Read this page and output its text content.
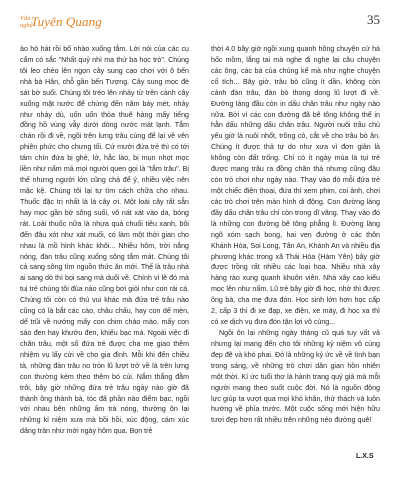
Văn
nghệ
Tuyên Quang	35

ào hò hát rồi bổ nhào xuống tắm. Lời nói của các cụ cẩm có sắc "Nhất quỷ nhì ma thứ ba học trò". Chúng tôi leo chéo lên ngọn cây sung cạo chơi với ô bến nhà bà Hân, chỗ gần bến Tượng. Cây sung mọc đè sát bờ suối. Chúng tôi trèo lên nhảy từ trên cành cây xuống mặt nước để chứng đến năm bảy mét, nhảy như nhảy dù, uốn uốn thỏa thuê hàng mấy tiếng đồng hồ vùng vẫy dưới dòng nước mát lạnh. Tắm chán rồi đi về, ngồi trên lưng trâu cùng để lại về vên phiên phức cho chưng tối. Cứ mười đứa trẻ thì có tới tám chín đứa bị ghẻ, lở, hắc lào, bị mụn nhọt mọc liền như nấm mả mọi người quen gọi là "tắm trâu". Bị thế nhưng người lớn cũng chả để ý, nhiều việc nên mặc kệ. Chúng tôi lại tự tìm cách chữa cho nhau. Thuốc đặc trị nhất là lá cây ơi. Một loài cây rất sẵn hay mọc gần bờ sông suối, vô nát xát vào da, bóng rát. Loài thuốc nữa là nhựa quả chuối tiêu xanh, bôi đến đâu xót như xát muối, có làm một thời gian cho nhau là mồ hình khác khôi... Nhiều hôm, trời nắng nóng, đàn trâu cũng xuống sông tắm mát. Chúng tôi cả sang sông tìm nguồn thức ăn mới. Thế là trâu nhà ai sang dò thì bọi sang mà duổi về. Chính vì lẽ đó mà tuị trẻ chúng tôi đùa nào cũng bơi giỏi như con rái cá. Chúng tôi còn có thú vui khác mà đứa trẻ trâu nào cũng có là bắt các cào, châu chấu, hay con dế mèn, dế trũi về nướng mấy con chim chào mào, mấy con sáo đen hay khướu đen, khiếu bạc má. Ngoài việc đi chăn trâu, một số đứa trẻ được cha mẹ giao thêm nhiệm vụ lấy cửi về cho gia đình. Mỗi khi đến chiều tà, những đàn trâu no tròn lũ lượt trở về là trên lưng con thường kèm theo thêm bó củi. Nắm thắng đằm trôi, bây giờ những đứa trẻ trâu ngày nào giờ đã thành ông thành bà, tóc đã phần nào điểm bạc, ngồi với nhau bên những ấm trà nóng, thường ôn lại những kỉ niệm xưa mà bồi hồi, xúc động, cảm xúc dâng tràn như mới ngày hôm qua. Bọn trẻ

thời 4.0 bây giờ ngồi xung quanh hồng chuyện cứ há hốc mồm, lắng tai mà nghe đi nghe lại câu chuyện các ông, các bà của chúng kể mà như nghe chuyện cổ tích... Bây giờ, trâu bò cũng ít dần, không còn cảnh đàn trâu, đàn bò thong dong lũ lượt đi về. Đường làng đầu còn in dấu chân trâu như ngày nào nữa. Bởi vì các con đường đã bê tông không thể in hằn dấu những dấu chân trâu. Người nuôi trâu chủ yếu giờ là nuôi nhốt, trồng cỏ, cắt về cho trâu bò ăn. Chúng ít được thả tự do như xưa vì đơn giản là không còn đất trống. Chỉ có ít ngày mùa là tụi trẻ được mang trâu ra đồng chăn thả nhưng cũng đâu còn trò chơi như ngày nào. Thay vào đó mỗi đứa trẻ một chiếc điện thoại, đứa thì xem phim, coi ảnh, chơi các trò chơi trên màn hình di động. Con đường làng đầy dấu chân trâu chỉ còn trong dĩ vãng. Thay vào đó là những con đường bê tông phẳng lì. Đường làng ngõ xóm sạch bong, hai ven đường ở các thôn Khánh Hòa, Soi Long, Tân An, Khánh An và nhiều địa phương khác trong xã Thái Hòa (Hàm Yên) bây giờ được trồng rất nhiều các loại hoa. Nhiều nhà xây hàng rào xung quanh khuôn viên. Nhà xây cao kiểu mọc lên như nấm. Lũ trẻ bây giờ đi học, nhờ thì được ông bà, cha mẹ đưa đón. Học sinh lớn hơn học cấp 2, cấp 3 thì đi xe đạp, xe điện, xe máy, đi học xa thì có xe dịch vụ đưa đón tận lợi vô cùng...

Ngồi ôn lại những ngày tháng cũ quá tuy vất vả nhưng lại mang đến cho tôi những kỷ niệm vô cùng đẹp đẽ và khó phai. Đó là những kỷ ức về về tình bạn trong sáng, về những trò chơi dân gian hồn nhiên một thời. Kí ức tuổi thơ là hành trang quý giá mà mỗi người mang theo suốt cuộc đời. Nó là nguồn động lực giúp ta vượt qua mọi khó khăn, thử thách và luôn hướng về phía trước. Một cuộc sống mới hiện hữu tươi đẹp hơn rất nhiều trên những nẻo đường quê!

L.X.S
